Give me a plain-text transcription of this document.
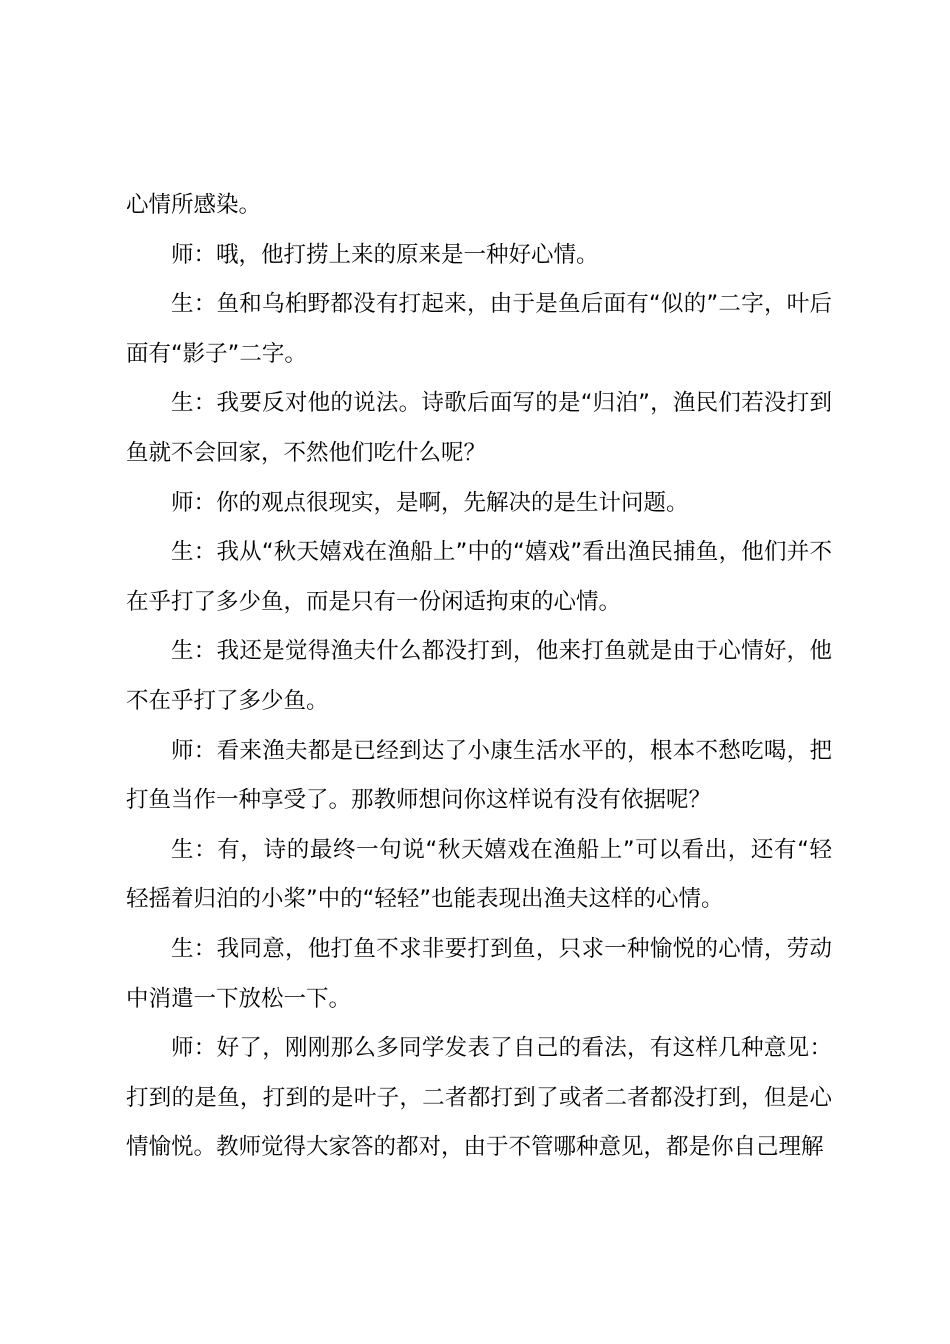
心情所感染。

师：哦，他打捞上来的原来是一种好心情。

生：鱼和乌桕野都没有打起来，由于是鱼后面有“似的”二字，叶后面有“影子”二字。

生：我要反对他的说法。诗歌后面写的是“归泊”，渔民们若没打到鱼就不会回家，不然他们吃什么呢？

师：你的观点很现实，是啊，先解决的是生计问题。

生：我从“秋天嬉戏在渔船上”中的“嬉戏”看出渔民捕鱼，他们并不在乎打了多少鱼，而是只有一份闲适拘束的心情。

生：我还是觉得渔夫什么都没打到，他来打鱼就是由于心情好，他不在乎打了多少鱼。

师：看来渔夫都是已经到达了小康生活水平的，根本不愁吃喝，把打鱼当作一种享受了。那教师想问你这样说有没有依据呢？

生：有，诗的最终一句说“秋天嬉戏在渔船上”可以看出，还有“轻轻摇着归泊的小桨”中的“轻轻”也能表现出渔夫这样的心情。

生：我同意，他打鱼不求非要打到鱼，只求一种愉悦的心情，劳动中消遣一下放松一下。

师：好了，刚刚那么多同学发表了自己的看法，有这样几种意见：打到的是鱼，打到的是叶子，二者都打到了或者二者都没打到，但是心情愉悦。教师觉得大家答的都对，由于不管哪种意见，都是你自己理解
